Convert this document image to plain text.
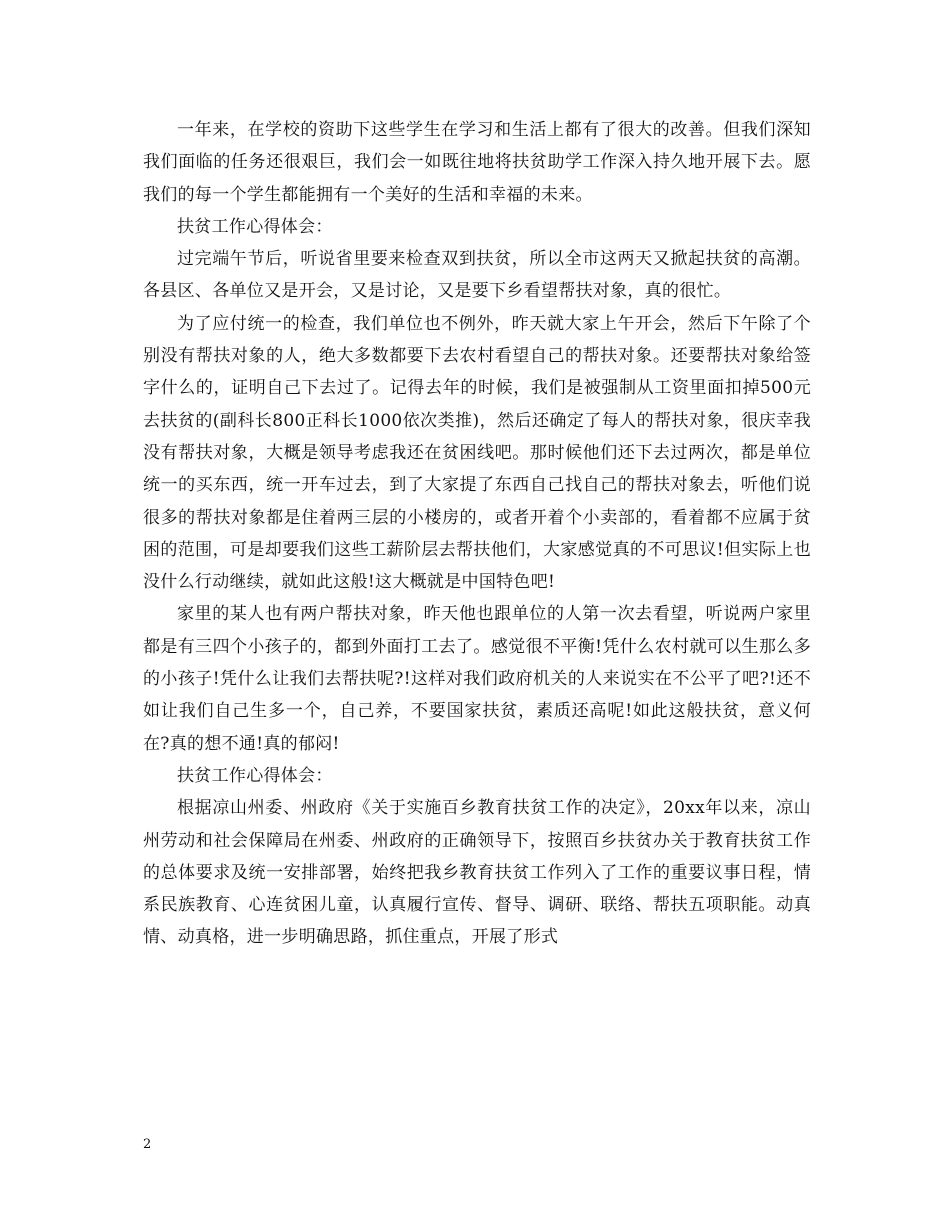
一年来，在学校的资助下这些学生在学习和生活上都有了很大的改善。但我们深知我们面临的任务还很艰巨，我们会一如既往地将扶贫助学工作深入持久地开展下去。愿我们的每一个学生都能拥有一个美好的生活和幸福的未来。

扶贫工作心得体会：

过完端午节后，听说省里要来检查双到扶贫，所以全市这两天又掀起扶贫的高潮。各县区、各单位又是开会，又是讨论，又是要下乡看望帮扶对象，真的很忙。

为了应付统一的检查，我们单位也不例外，昨天就大家上午开会，然后下午除了个别没有帮扶对象的人，绝大多数都要下去农村看望自己的帮扶对象。还要帮扶对象给签字什么的，证明自己下去过了。记得去年的时候，我们是被强制从工资里面扣掉500元去扶贫的(副科长800正科长1000依次类推)，然后还确定了每人的帮扶对象，很庆幸我没有帮扶对象，大概是领导考虑我还在贫困线吧。那时候他们还下去过两次，都是单位统一的买东西，统一开车过去，到了大家提了东西自己找自己的帮扶对象去，听他们说很多的帮扶对象都是住着两三层的小楼房的，或者开着个小卖部的，看着都不应属于贫困的范围，可是却要我们这些工薪阶层去帮扶他们，大家感觉真的不可思议!但实际上也没什么行动继续，就如此这般!这大概就是中国特色吧!

家里的某人也有两户帮扶对象，昨天他也跟单位的人第一次去看望，听说两户家里都是有三四个小孩子的，都到外面打工去了。感觉很不平衡!凭什么农村就可以生那么多的小孩子!凭什么让我们去帮扶呢?!这样对我们政府机关的人来说实在不公平了吧?!还不如让我们自己生多一个，自己养，不要国家扶贫，素质还高呢!如此这般扶贫，意义何在?真的想不通!真的郁闷!

扶贫工作心得体会：

根据凉山州委、州政府《关于实施百乡教育扶贫工作的决定》，20xx年以来，凉山州劳动和社会保障局在州委、州政府的正确领导下，按照百乡扶贫办关于教育扶贫工作的总体要求及统一安排部署，始终把我乡教育扶贫工作列入了工作的重要议事日程，情系民族教育、心连贫困儿童，认真履行宣传、督导、调研、联络、帮扶五项职能。动真情、动真格，进一步明确思路，抓住重点，开展了形式

2
